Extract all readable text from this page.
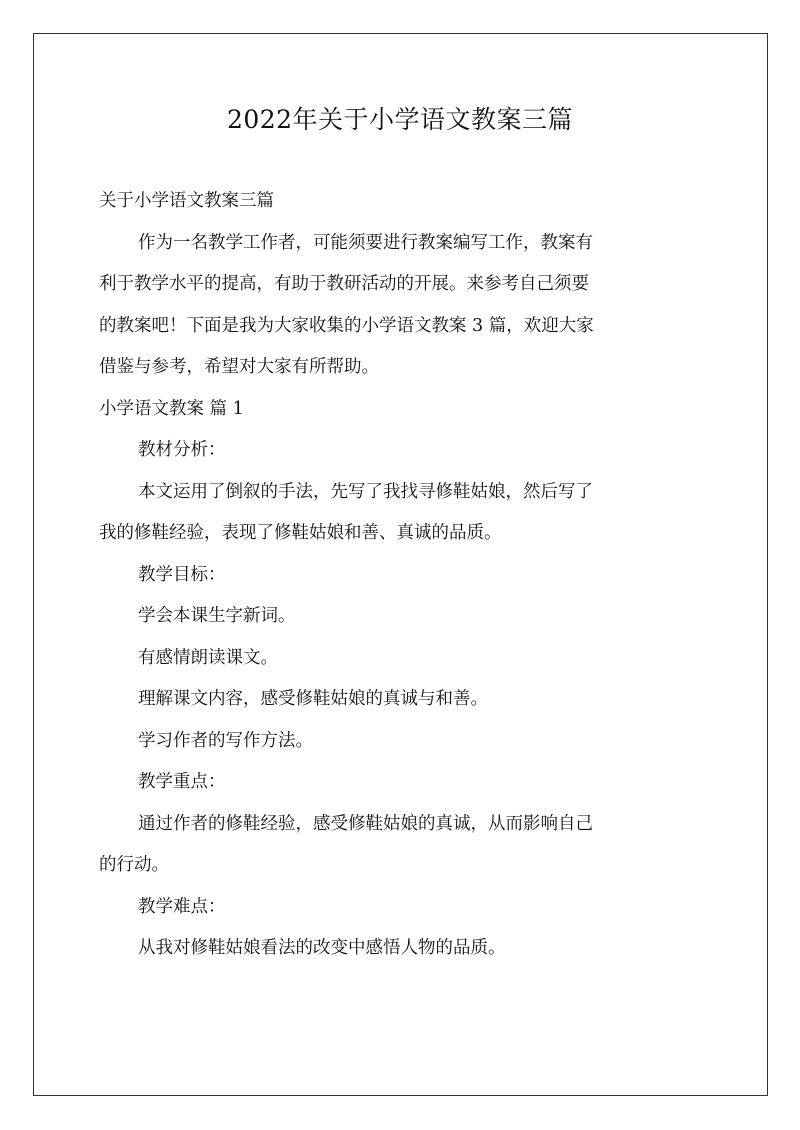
2022年关于小学语文教案三篇
关于小学语文教案三篇
作为一名教学工作者，可能须要进行教案编写工作，教案有
利于教学水平的提高，有助于教研活动的开展。来参考自己须要
的教案吧！下面是我为大家收集的小学语文教案 3 篇，欢迎大家
借鉴与参考，希望对大家有所帮助。
小学语文教案 篇 1
教材分析：
本文运用了倒叙的手法，先写了我找寻修鞋姑娘，然后写了
我的修鞋经验，表现了修鞋姑娘和善、真诚的品质。
教学目标：
学会本课生字新词。
有感情朗读课文。
理解课文内容，感受修鞋姑娘的真诚与和善。
学习作者的写作方法。
教学重点：
通过作者的修鞋经验，感受修鞋姑娘的真诚，从而影响自己
的行动。
教学难点：
从我对修鞋姑娘看法的改变中感悟人物的品质。
